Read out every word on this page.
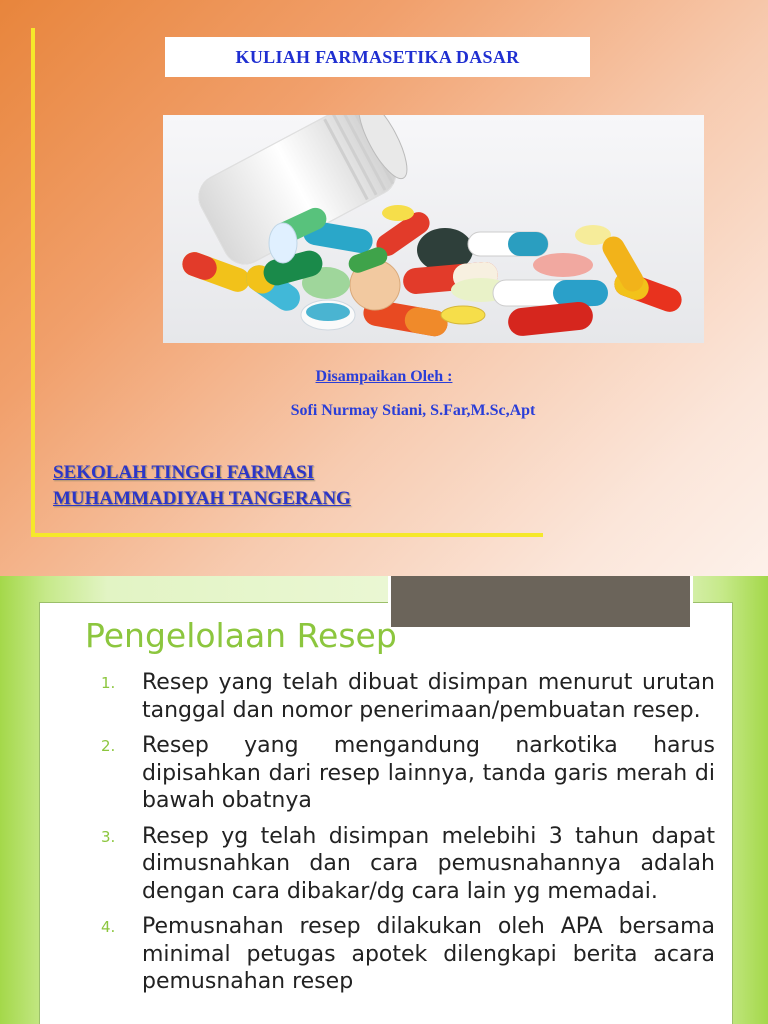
KULIAH FARMASETIKA DASAR
Disampaikan Oleh :
Sofi Nurmay Stiani, S.Far,M.Sc,Apt
SEKOLAH TINGGI FARMASI
MUHAMMADIYAH TANGERANG
Pengelolaan Resep
1. Resep yang telah dibuat disimpan menurut urutan tanggal dan nomor penerimaan/pembuatan resep.
2. Resep yang mengandung narkotika harus dipisahkan dari resep lainnya, tanda garis merah di bawah obatnya
3. Resep yg telah disimpan melebihi 3 tahun dapat dimusnahkan dan cara pemusnahannya adalah dengan cara dibakar/dg cara lain yg memadai.
4. Pemusnahan resep dilakukan oleh APA bersama minimal petugas apotek dilengkapi berita acara pemusnahan resep
